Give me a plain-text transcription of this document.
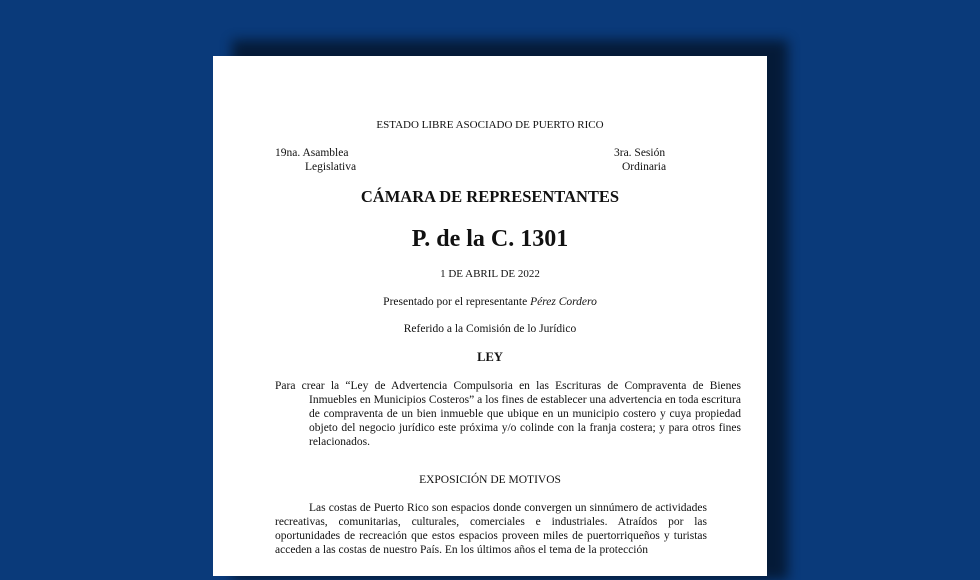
ESTADO LIBRE ASOCIADO DE PUERTO RICO
19na. Asamblea
Legislativa
3ra. Sesión
Ordinaria
CÁMARA DE REPRESENTANTES
P. de la C. 1301
1 DE ABRIL DE 2022
Presentado por el representante Pérez Cordero
Referido a la Comisión de lo Jurídico
LEY
Para crear la “Ley de Advertencia Compulsoria en las Escrituras de Compraventa de Bienes Inmuebles en Municipios Costeros” a los fines de establecer una advertencia en toda escritura de compraventa de un bien inmueble que ubique en un municipio costero y cuya propiedad objeto del negocio jurídico este próxima y/o colinde con la franja costera; y para otros fines relacionados.
EXPOSICIÓN DE MOTIVOS
Las costas de Puerto Rico son espacios donde convergen un sinnúmero de actividades recreativas, comunitarias, culturales, comerciales e industriales. Atraídos por las oportunidades de recreación que estos espacios proveen miles de puertorriqueños y turistas acceden a las costas de nuestro País. En los últimos años el tema de la protección
